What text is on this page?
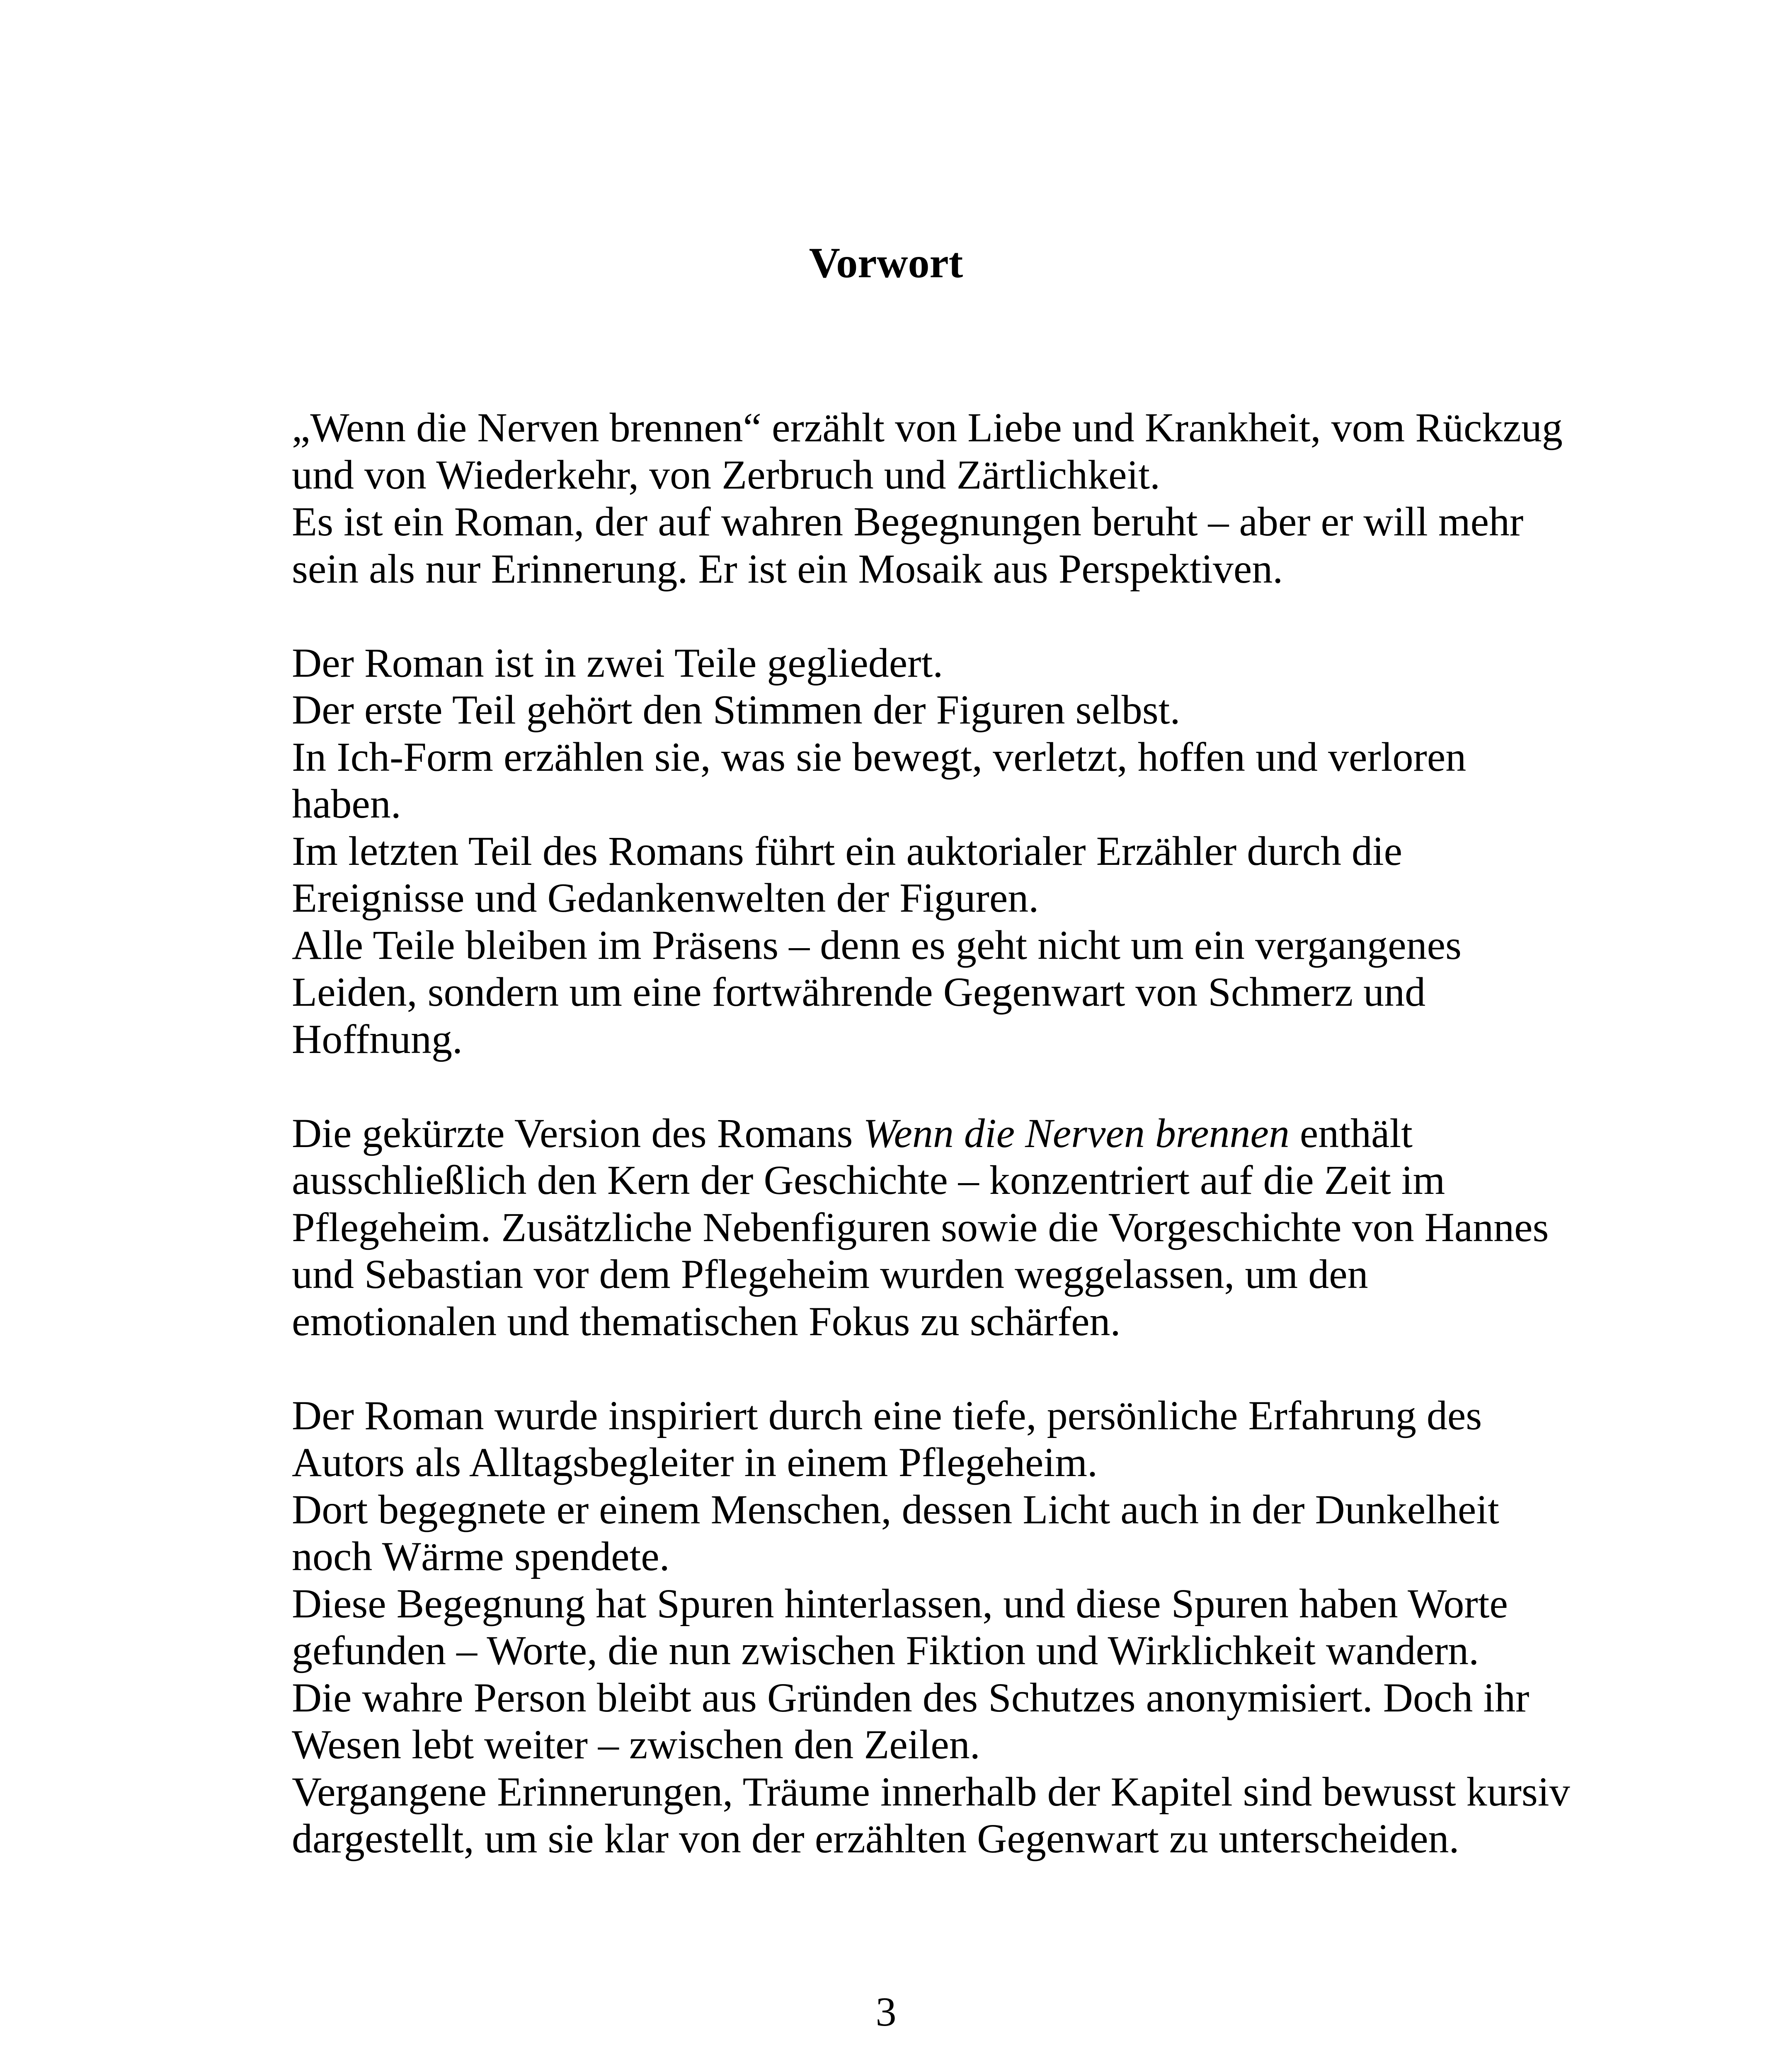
Vorwort
„Wenn die Nerven brennen“ erzählt von Liebe und Krankheit, vom Rückzug
und von Wiederkehr, von Zerbruch und Zärtlichkeit.
Es ist ein Roman, der auf wahren Begegnungen beruht – aber er will mehr
sein als nur Erinnerung. Er ist ein Mosaik aus Perspektiven.
Der Roman ist in zwei Teile gegliedert.
Der erste Teil gehört den Stimmen der Figuren selbst.
In Ich-Form erzählen sie, was sie bewegt, verletzt, hoffen und verloren
haben.
Im letzten Teil des Romans führt ein auktorialer Erzähler durch die
Ereignisse und Gedankenwelten der Figuren.
Alle Teile bleiben im Präsens – denn es geht nicht um ein vergangenes
Leiden, sondern um eine fortwährende Gegenwart von Schmerz und
Hoffnung.
Die gekürzte Version des Romans Wenn die Nerven brennen enthält
ausschließlich den Kern der Geschichte – konzentriert auf die Zeit im
Pflegeheim. Zusätzliche Nebenfiguren sowie die Vorgeschichte von Hannes
und Sebastian vor dem Pflegeheim wurden weggelassen, um den
emotionalen und thematischen Fokus zu schärfen.
Der Roman wurde inspiriert durch eine tiefe, persönliche Erfahrung des
Autors als Alltagsbegleiter in einem Pflegeheim.
Dort begegnete er einem Menschen, dessen Licht auch in der Dunkelheit
noch Wärme spendete.
Diese Begegnung hat Spuren hinterlassen, und diese Spuren haben Worte
gefunden – Worte, die nun zwischen Fiktion und Wirklichkeit wandern.
Die wahre Person bleibt aus Gründen des Schutzes anonymisiert. Doch ihr
Wesen lebt weiter – zwischen den Zeilen.
Vergangene Erinnerungen, Träume innerhalb der Kapitel sind bewusst kursiv
dargestellt, um sie klar von der erzählten Gegenwart zu unterscheiden.
3
